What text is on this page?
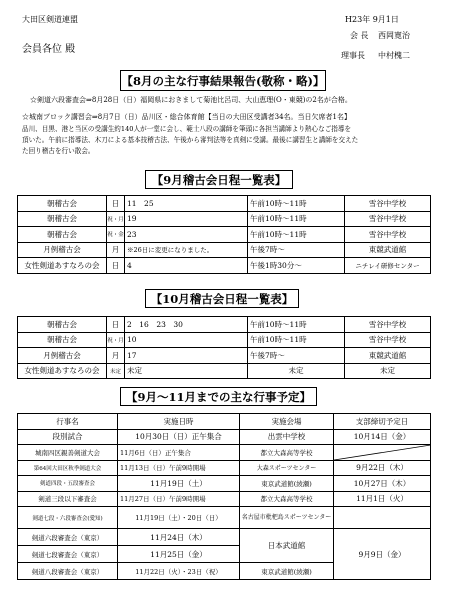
大田区剣道連盟	H23年 9月1日
会員各位 殿
会 長 西岡寛治
理事長 中村槐二
【8月の主な行事結果報告(敬称・略)】
☆剣道六段審査会⇒8月28日（日）福岡県におきまして菊池比呂司、大山恵理(O・東競)の2名が合格。
☆城南ブロック講習会⇒8月7日（日）品川区・総合体育館【当日の大田区受講者34名。当日欠席者1名】
品川、目黒、港と当区の受講生約140人が一堂に会し、範士八段の講師を筆頭に各担当講師より熱心なご指導を
頂いた。午前に指導法、木刀による基本技稽古法、午後から審判法等を真剣に受講。最後に講習生と講師を交えた
た回り稽古を行い散会。
【9月稽古会日程一覧表】
朝稽古会	日	11　25	午前10時～11時	雪谷中学校
朝稽古会	祝・月	19	午前10時～11時	雪谷中学校
朝稽古会	祝・金	23	午前10時～11時	雪谷中学校
月例稽古会	月	※26日に変更になりました。	午後7時～	東競武道館
女性剣道あすなろの会	日	4	午後1時30分～	ニチレイ研修センター
【10月稽古会日程一覧表】
朝稽古会	日	2　16　23　30	午前10時～11時	雪谷中学校
朝稽古会	祝・月	10	午前10時～11時	雪谷中学校
月例稽古会	月	17	午後7時～	東競武道館
女性剣道あすなろの会	未定	未定	未定	未定
【9月～11月までの主な行事予定】
行事名	実施日時	実施会場	支部締切予定日
段別試合	10月30日（日）正午集合	出雲中学校	10月14日（金）
城南四区親善剣道大会	11月6日（日）正午集合	都立大森高等学校	

第64回大田区秋季剣道大会	11月13日（日）午前9時開場	大森スポーツセンター	9月22日（木）
剣道四段・五段審査会	11月19日（土）	東京武道館(綾瀬)	10月27日（木）
剣道三段以下審査会	11月27日（日）午前9時開場	都立大森高等学校	11月1日（火）
剣道七段・六段審査会(愛知)	11月19日（土）・20日（日）	名古屋市枇杷島スポーツセンター	
剣道六段審査会（東京）	11月24日（木）	日本武道館	9月9日（金）
剣道七段審査会（東京）	11月25日（金）		
剣道八段審査会（東京）	11月22日（火）・23日（祝）	東京武道館(綾瀬)	
